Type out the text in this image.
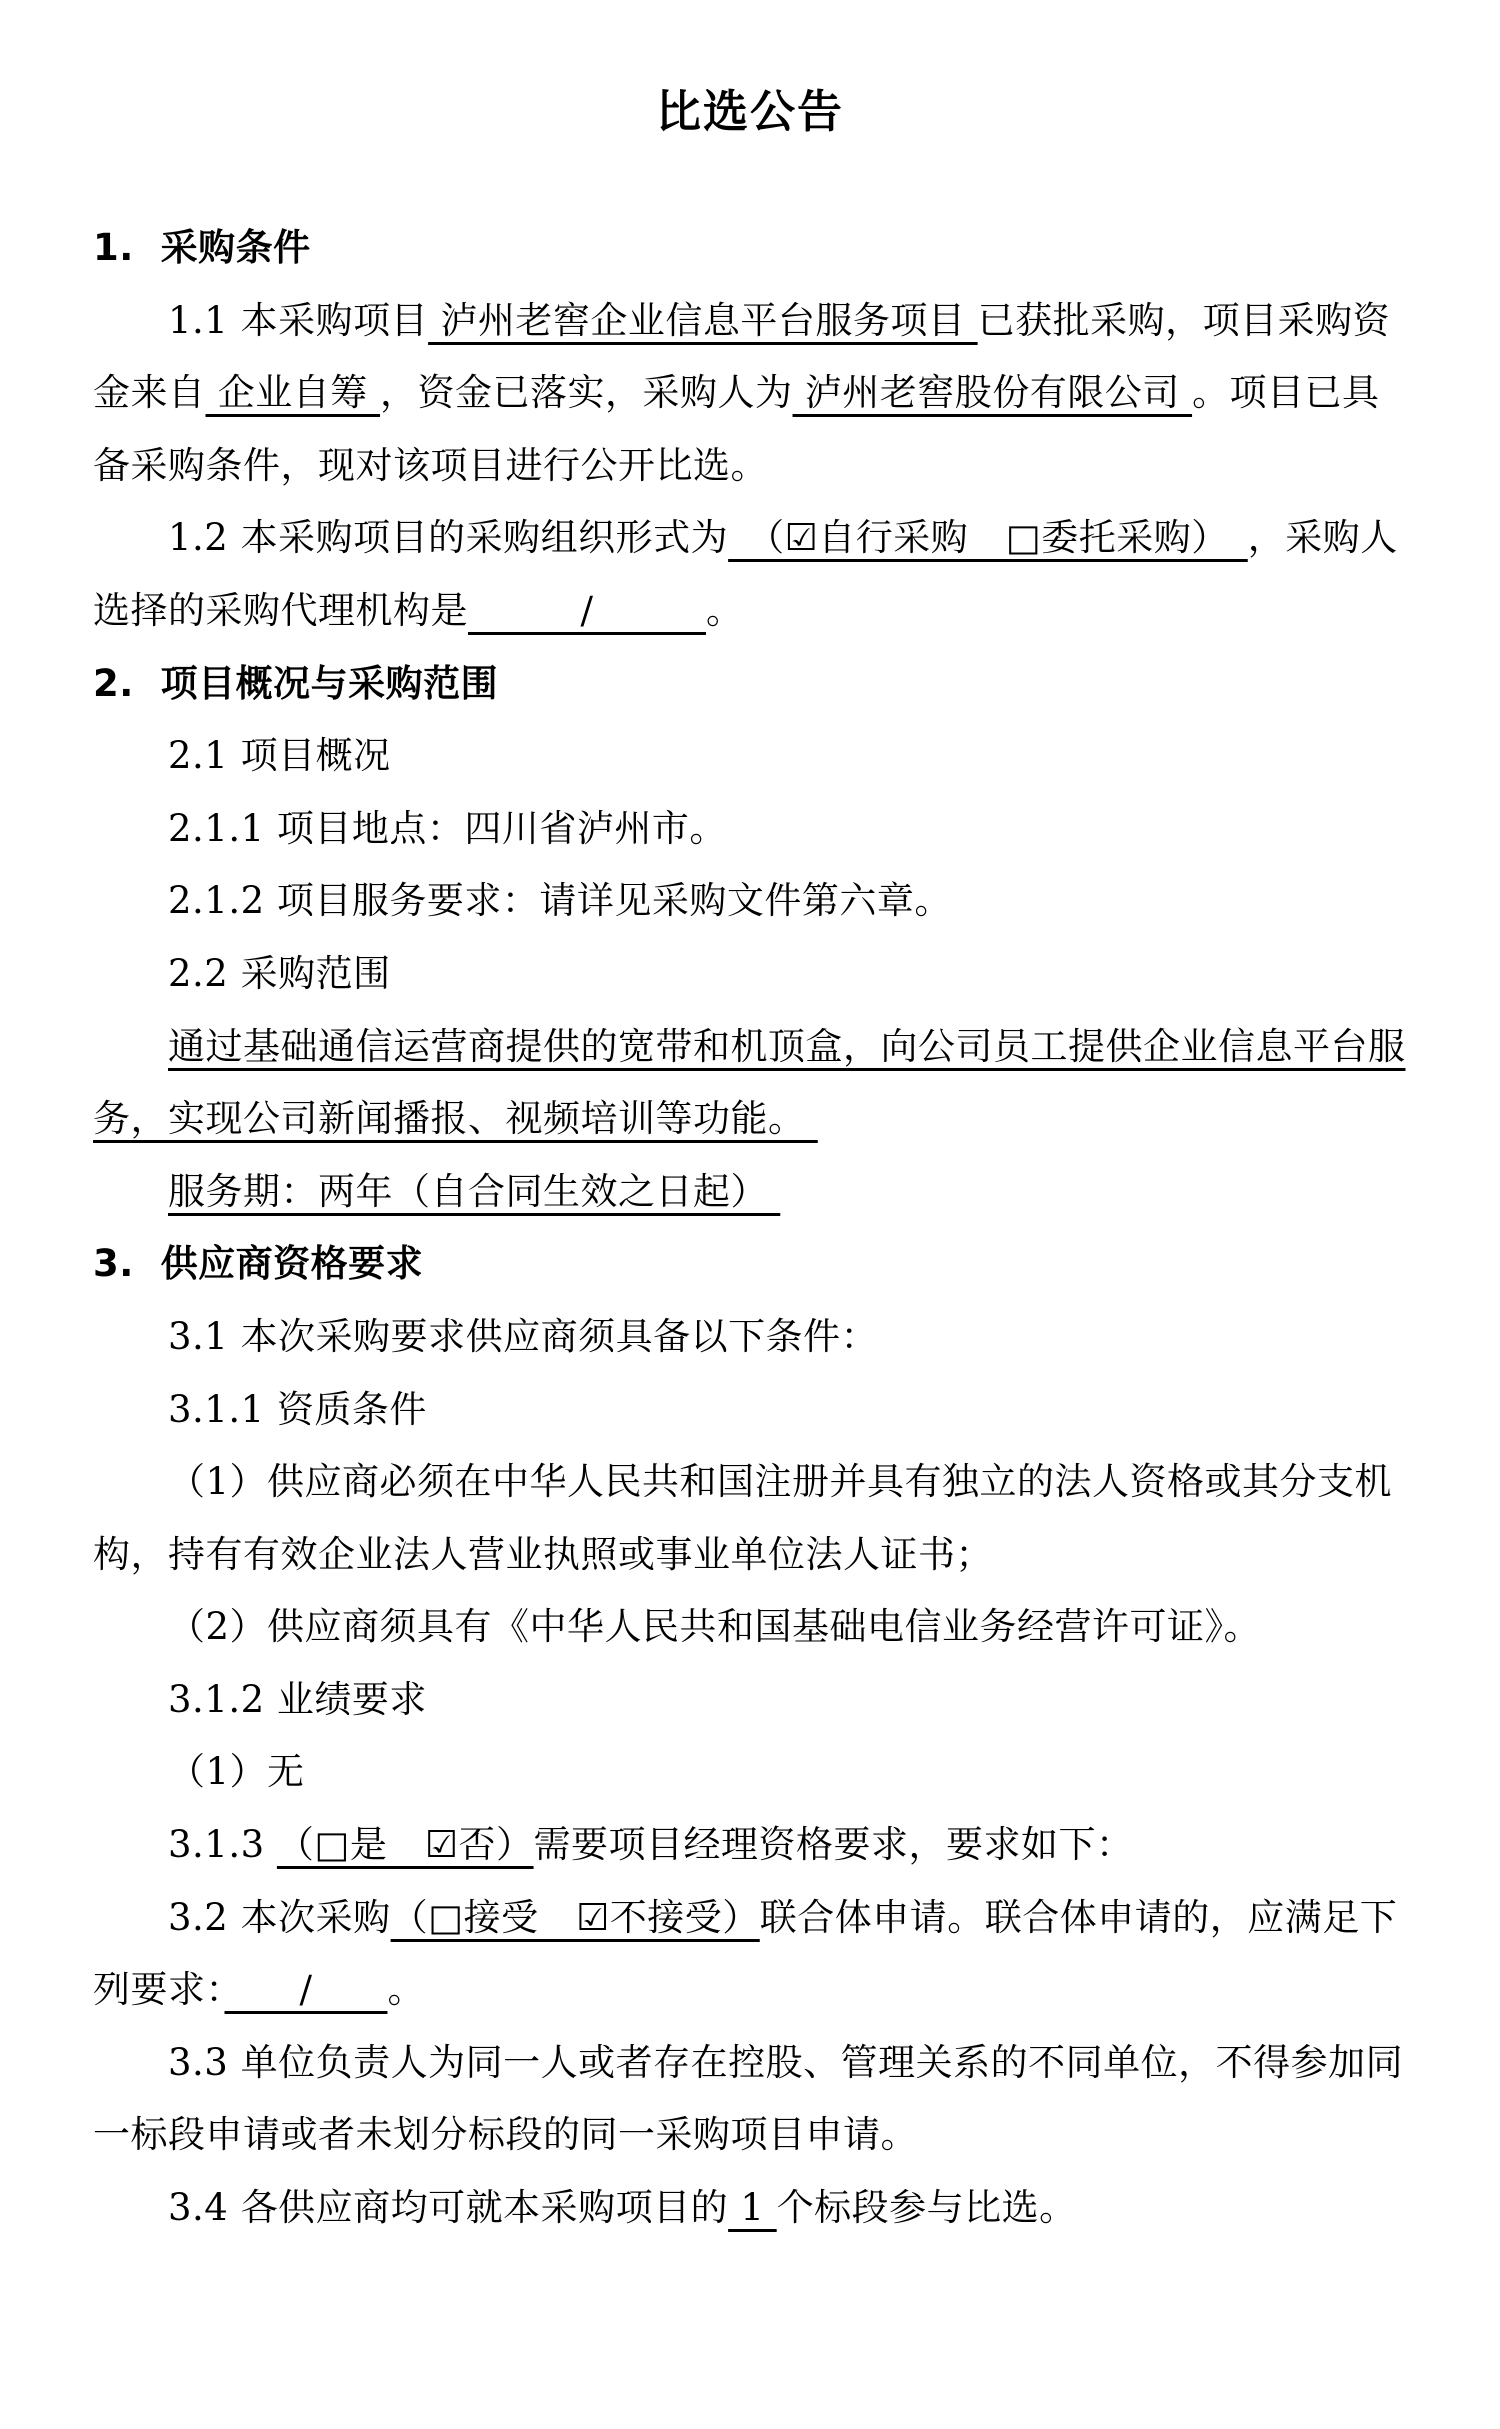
比选公告
1.  采购条件
1.1 本采购项目 泸州老窖企业信息平台服务项目 已获批采购，项目采购资
金来自 企业自筹 ，资金已落实，采购人为 泸州老窖股份有限公司 。项目已具
备采购条件，现对该项目进行公开比选。
1.2 本采购项目的采购组织形式为　（☑自行采购　□委托采购）　，采购人
选择的采购代理机构是　　　/　　　。
2.  项目概况与采购范围
2.1 项目概况
2.1.1 项目地点：四川省泸州市。
2.1.2 项目服务要求：请详见采购文件第六章。
2.2 采购范围
通过基础通信运营商提供的宽带和机顶盒，向公司员工提供企业信息平台服
务，实现公司新闻播报、视频培训等功能。
服务期：两年（自合同生效之日起）
3.  供应商资格要求
3.1 本次采购要求供应商须具备以下条件：
3.1.1 资质条件
（1）供应商必须在中华人民共和国注册并具有独立的法人资格或其分支机
构，持有有效企业法人营业执照或事业单位法人证书；
（2）供应商须具有《中华人民共和国基础电信业务经营许可证》。
3.1.2 业绩要求
（1）无
3.1.3 （□是　☑否）需要项目经理资格要求，要求如下：
3.2 本次采购（□接受　☑不接受）联合体申请。联合体申请的，应满足下
列要求：　　/　　。
3.3 单位负责人为同一人或者存在控股、管理关系的不同单位，不得参加同
一标段申请或者未划分标段的同一采购项目申请。
3.4 各供应商均可就本采购项目的 1 个标段参与比选。
